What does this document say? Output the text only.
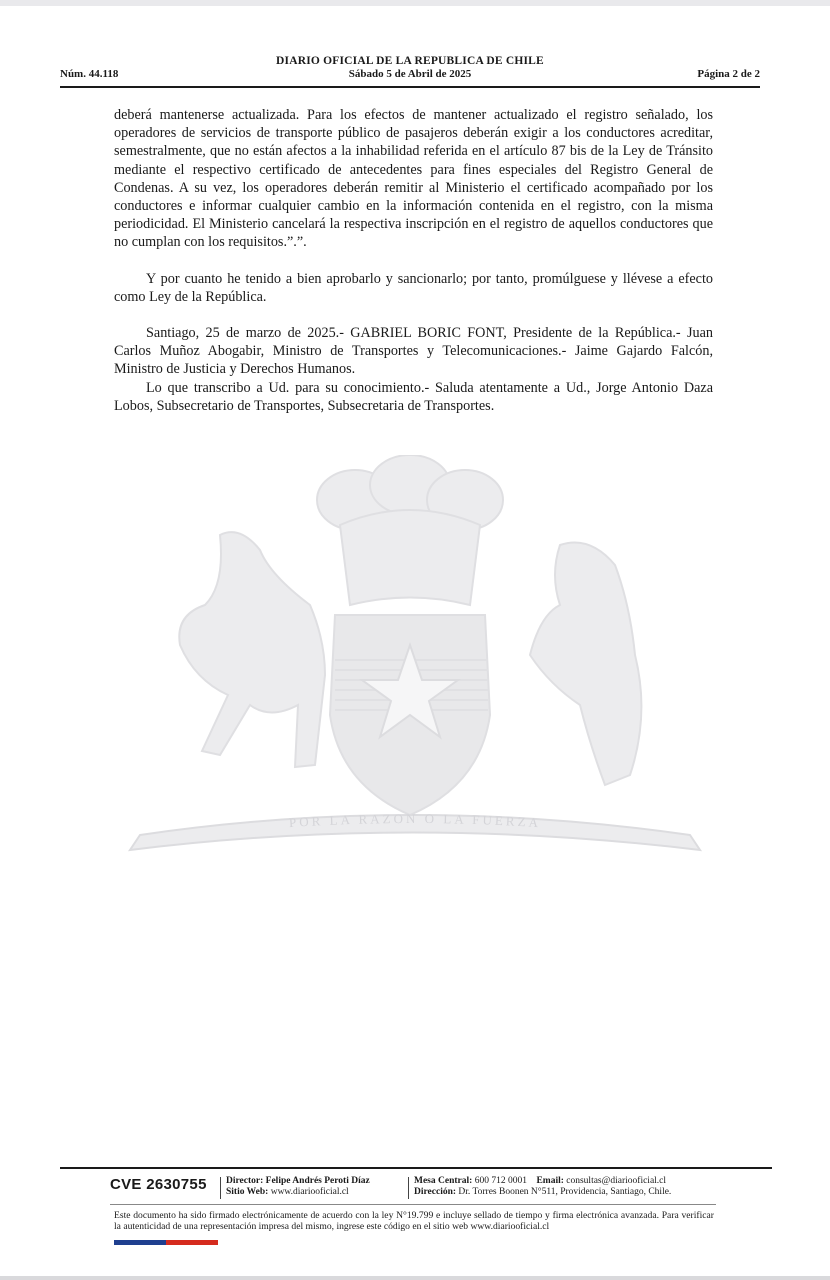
DIARIO OFICIAL DE LA REPUBLICA DE CHILE
Núm. 44.118	Sábado 5 de Abril de 2025	Página 2 de 2

deberá mantenerse actualizada. Para los efectos de mantener actualizado el registro señalado, los operadores de servicios de transporte público de pasajeros deberán exigir a los conductores acreditar, semestralmente, que no están afectos a la inhabilidad referida en el artículo 87 bis de la Ley de Tránsito mediante el respectivo certificado de antecedentes para fines especiales del Registro General de Condenas. A su vez, los operadores deberán remitir al Ministerio el certificado acompañado por los conductores e informar cualquier cambio en la información contenida en el registro, con la misma periodicidad. El Ministerio cancelará la respectiva inscripción en el registro de aquellos conductores que no cumplan con los requisitos.”.”.

Y por cuanto he tenido a bien aprobarlo y sancionarlo; por tanto, promúlguese y llévese a efecto como Ley de la República.

Santiago, 25 de marzo de 2025.- GABRIEL BORIC FONT, Presidente de la República.- Juan Carlos Muñoz Abogabir, Ministro de Transportes y Telecomunicaciones.- Jaime Gajardo Falcón, Ministro de Justicia y Derechos Humanos.

Lo que transcribo a Ud. para su conocimiento.- Saluda atentamente a Ud., Jorge Antonio Daza Lobos, Subsecretario de Transportes, Subsecretaria de Transportes.

POR LA RAZON O LA FUERZA
CVE 2630755 Director: Felipe Andrés Peroti Díaz
Sitio Web: www.diariooficial.cl
Mesa Central: 600 712 0001 Email: consultas@diariooficial.cl
Dirección: Dr. Torres Boonen N°511, Providencia, Santiago, Chile.
Este documento ha sido firmado electrónicamente de acuerdo con la ley N°19.799 e incluye sellado de tiempo y firma electrónica avanzada. Para verificar la autenticidad de una representación impresa del mismo, ingrese este código en el sitio web www.diariooficial.cl
